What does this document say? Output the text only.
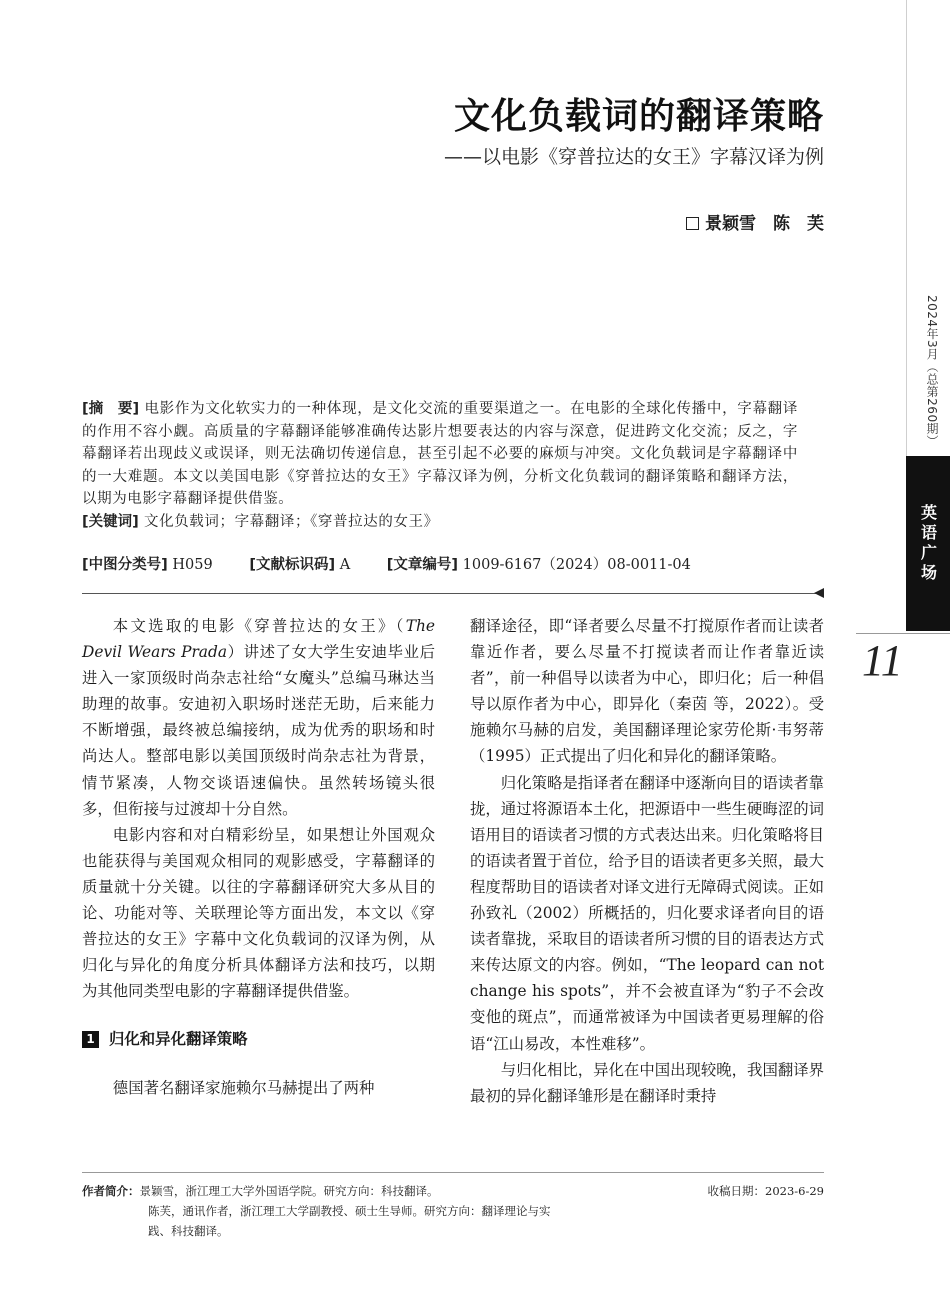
2024年3月（总第260期）
英语广场
11
文化负载词的翻译策略
——以电影《穿普拉达的女王》字幕汉译为例
景颖雪　陈　芙
[摘　要] 电影作为文化软实力的一种体现，是文化交流的重要渠道之一。在电影的全球化传播中，字幕翻译的作用不容小觑。高质量的字幕翻译能够准确传达影片想要表达的内容与深意，促进跨文化交流；反之，字幕翻译若出现歧义或误译，则无法确切传递信息，甚至引起不必要的麻烦与冲突。文化负载词是字幕翻译中的一大难题。本文以美国电影《穿普拉达的女王》字幕汉译为例，分析文化负载词的翻译策略和翻译方法，以期为电影字幕翻译提供借鉴。
[关键词] 文化负载词；字幕翻译；《穿普拉达的女王》
[中图分类号] H059	[文献标识码] A	[文章编号] 1009-6167（2024）08-0011-04

本文选取的电影《穿普拉达的女王》（The Devil Wears Prada）讲述了女大学生安迪毕业后进入一家顶级时尚杂志社给“女魔头”总编马琳达当助理的故事。安迪初入职场时迷茫无助，后来能力不断增强，最终被总编接纳，成为优秀的职场和时尚达人。整部电影以美国顶级时尚杂志社为背景，情节紧凑，人物交谈语速偏快。虽然转场镜头很多，但衔接与过渡却十分自然。

电影内容和对白精彩纷呈，如果想让外国观众也能获得与美国观众相同的观影感受，字幕翻译的质量就十分关键。以往的字幕翻译研究大多从目的论、功能对等、关联理论等方面出发，本文以《穿普拉达的女王》字幕中文化负载词的汉译为例，从归化与异化的角度分析具体翻译方法和技巧，以期为其他同类型电影的字幕翻译提供借鉴。

1 归化和异化翻译策略

德国著名翻译家施赖尔马赫提出了两种

翻译途径，即“译者要么尽量不打搅原作者而让读者靠近作者，要么尽量不打搅读者而让作者靠近读者”，前一种倡导以读者为中心，即归化；后一种倡导以原作者为中心，即异化（秦茵 等，2022）。受施赖尔马赫的启发，美国翻译理论家劳伦斯·韦努蒂（1995）正式提出了归化和异化的翻译策略。

归化策略是指译者在翻译中逐渐向目的语读者靠拢，通过将源语本土化，把源语中一些生硬晦涩的词语用目的语读者习惯的方式表达出来。归化策略将目的语读者置于首位，给予目的语读者更多关照，最大程度帮助目的语读者对译文进行无障碍式阅读。正如孙致礼（2002）所概括的，归化要求译者向目的语读者靠拢，采取目的语读者所习惯的目的语表达方式来传达原文的内容。例如，“The leopard can not change his spots”，并不会被直译为“豹子不会改变他的斑点”，而通常被译为中国读者更易理解的俗语“江山易改，本性难移”。

与归化相比，异化在中国出现较晚，我国翻译界最初的异化翻译雏形是在翻译时秉持

作者简介： 景颖雪，浙江理工大学外国语学院。研究方向：科技翻译。	收稿日期：2023-6-29
陈芙，通讯作者，浙江理工大学副教授、硕士生导师。研究方向：翻译理论与实
践、科技翻译。
